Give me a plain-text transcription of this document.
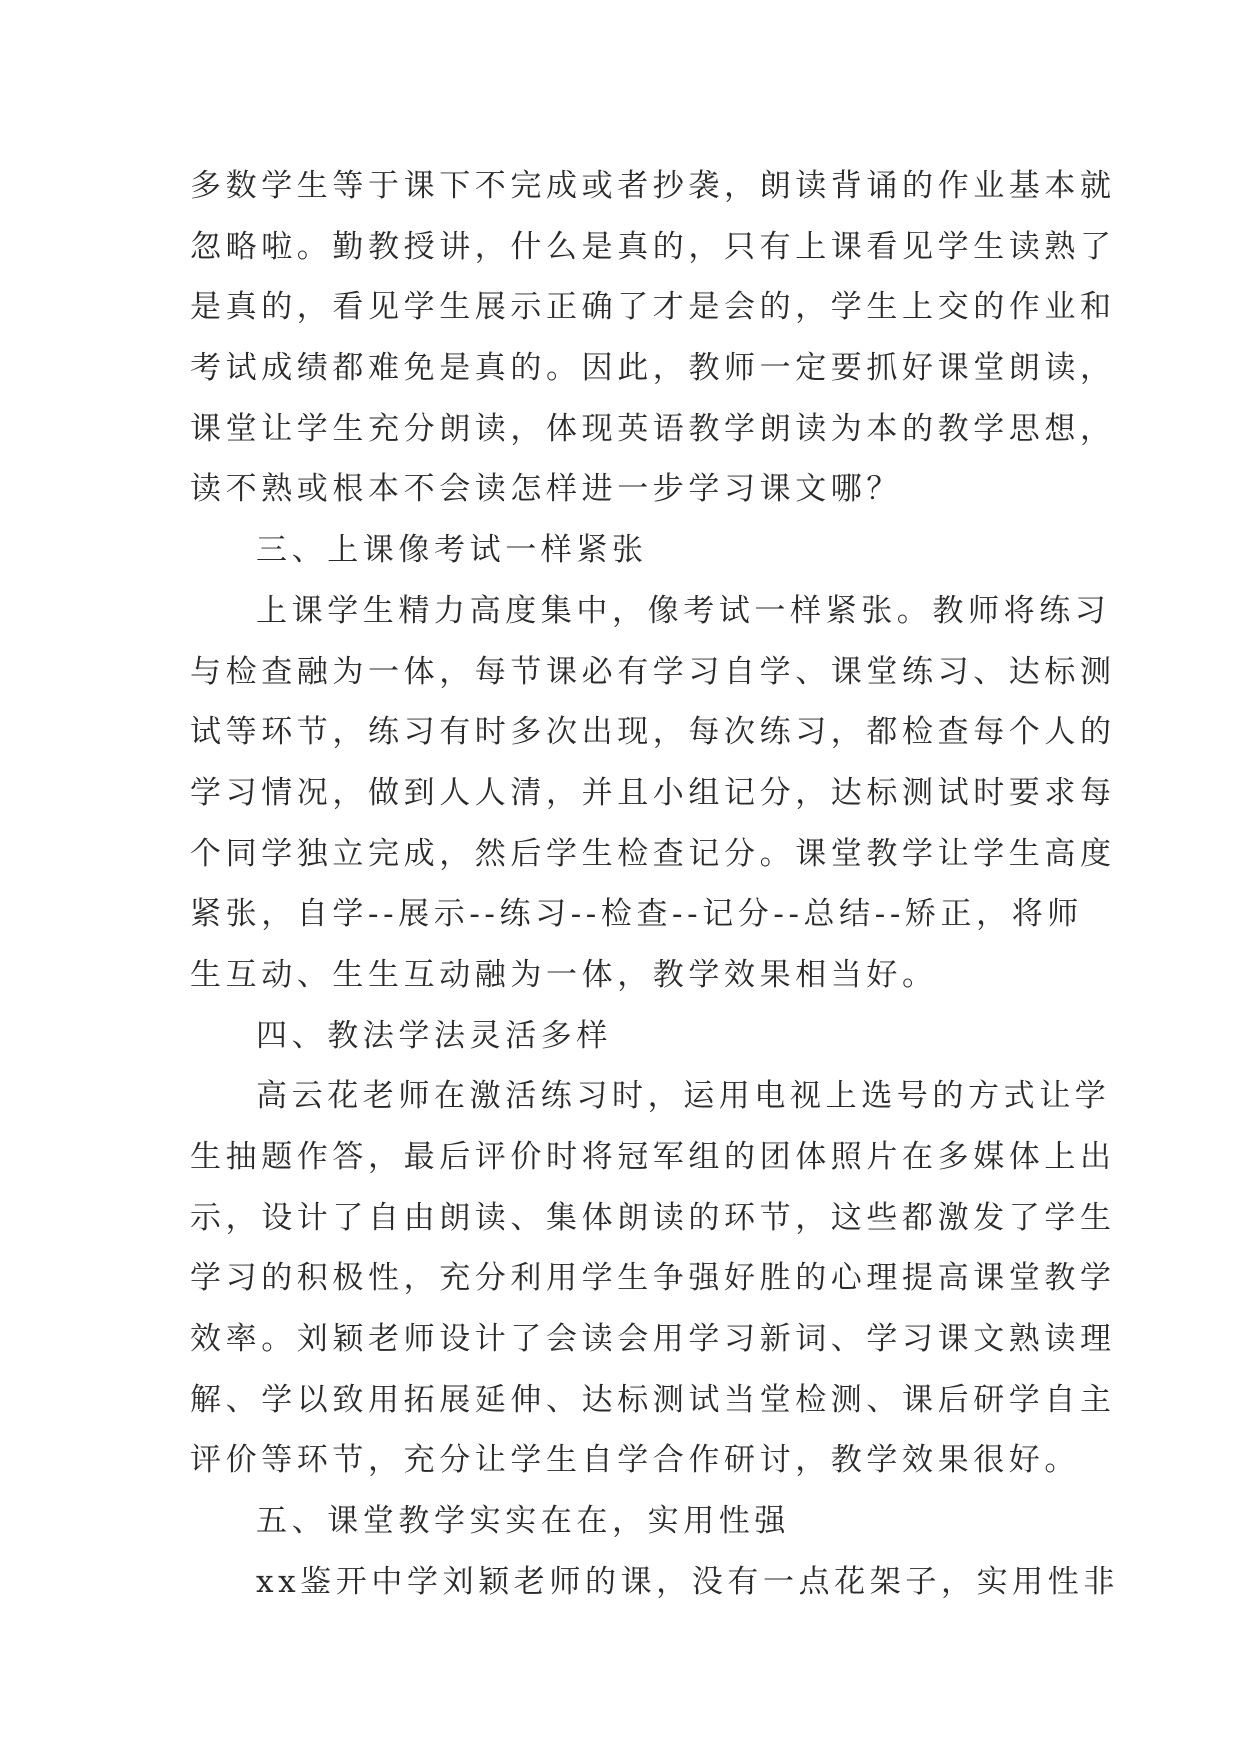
多数学生等于课下不完成或者抄袭，朗读背诵的作业基本就
忽略啦。勤教授讲，什么是真的，只有上课看见学生读熟了
是真的，看见学生展示正确了才是会的，学生上交的作业和
考试成绩都难免是真的。因此，教师一定要抓好课堂朗读，
课堂让学生充分朗读，体现英语教学朗读为本的教学思想，
读不熟或根本不会读怎样进一步学习课文哪？
三、上课像考试一样紧张
上课学生精力高度集中，像考试一样紧张。教师将练习
与检查融为一体，每节课必有学习自学、课堂练习、达标测
试等环节，练习有时多次出现，每次练习，都检查每个人的
学习情况，做到人人清，并且小组记分，达标测试时要求每
个同学独立完成，然后学生检查记分。课堂教学让学生高度
紧张，自学--展示--练习--检查--记分--总结--矫正，将师
生互动、生生互动融为一体，教学效果相当好。
四、教法学法灵活多样
高云花老师在激活练习时，运用电视上选号的方式让学
生抽题作答，最后评价时将冠军组的团体照片在多媒体上出
示，设计了自由朗读、集体朗读的环节，这些都激发了学生
学习的积极性，充分利用学生争强好胜的心理提高课堂教学
效率。刘颖老师设计了会读会用学习新词、学习课文熟读理
解、学以致用拓展延伸、达标测试当堂检测、课后研学自主
评价等环节，充分让学生自学合作研讨，教学效果很好。
五、课堂教学实实在在，实用性强
xx鉴开中学刘颖老师的课，没有一点花架子，实用性非
